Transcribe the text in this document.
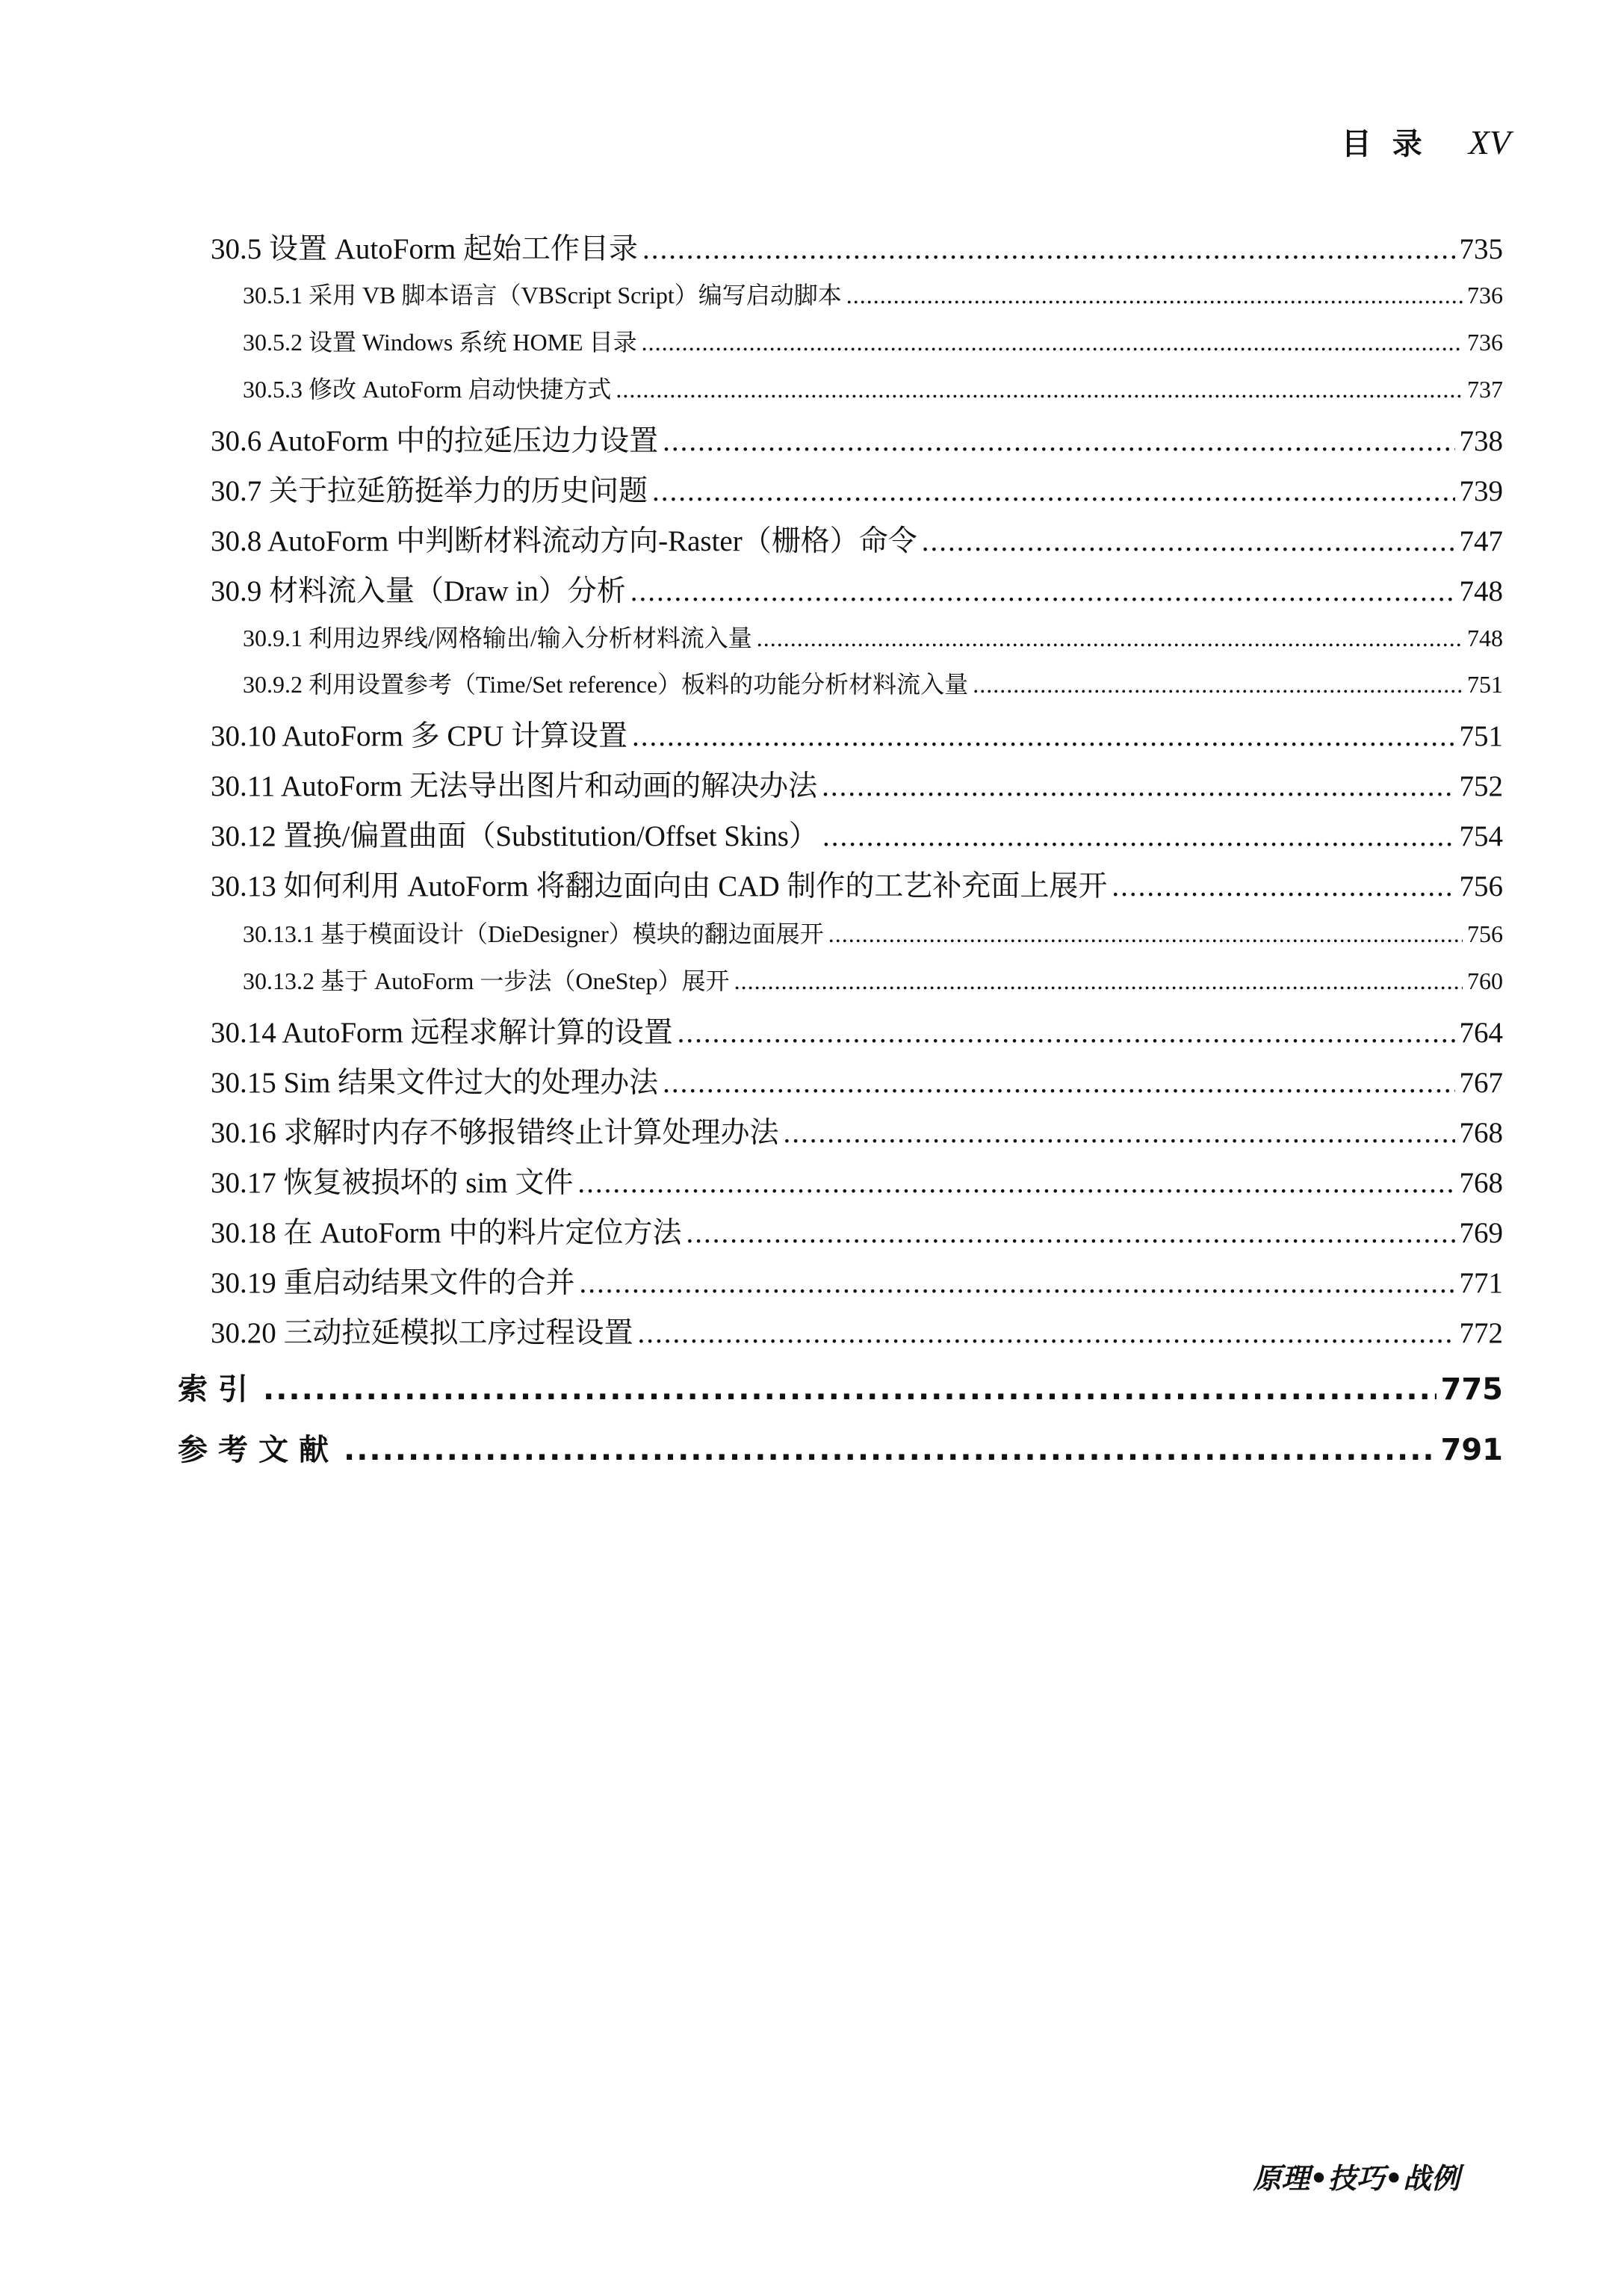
目录 XV
30.5 设置 AutoForm 起始工作目录 .....	735
30.5.1 采用 VB 脚本语言（VBScript Script）编写启动脚本 .....	736
30.5.2 设置 Windows 系统 HOME 目录 .....	736
30.5.3 修改 AutoForm 启动快捷方式 .....	737
30.6 AutoForm 中的拉延压边力设置 .....	738
30.7 关于拉延筋挺举力的历史问题 .....	739
30.8 AutoForm 中判断材料流动方向-Raster（栅格）命令 .....	747
30.9 材料流入量（Draw in）分析 .....	748
30.9.1 利用边界线/网格输出/输入分析材料流入量 .....	748
30.9.2 利用设置参考（Time/Set reference）板料的功能分析材料流入量 .....	751
30.10 AutoForm 多 CPU 计算设置 .....	751
30.11 AutoForm 无法导出图片和动画的解决办法 .....	752
30.12 置换/偏置曲面（Substitution/Offset Skins） .....	754
30.13 如何利用 AutoForm 将翻边面向由 CAD 制作的工艺补充面上展开 .....	756
30.13.1 基于模面设计（DieDesigner）模块的翻边面展开 .....	756
30.13.2 基于 AutoForm 一步法（OneStep）展开 .....	760
30.14 AutoForm 远程求解计算的设置 .....	764
30.15 Sim 结果文件过大的处理办法 .....	767
30.16 求解时内存不够报错终止计算处理办法 .....	768
30.17 恢复被损坏的 sim 文件 .....	768
30.18 在 AutoForm 中的料片定位方法 .....	769
30.19 重启动结果文件的合并 .....	771
30.20 三动拉延模拟工序过程设置 .....	772
索引 .....	775
参考文献 .....	791
原理•技巧•战例
